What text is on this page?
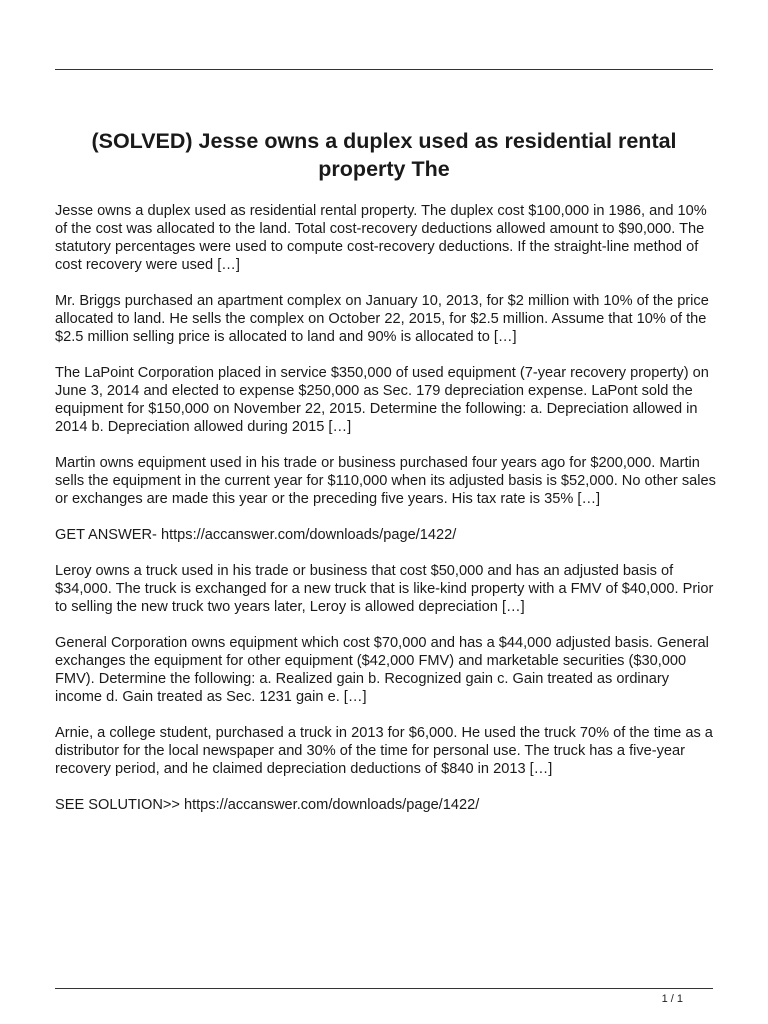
(SOLVED) Jesse owns a duplex used as residential rental property The

Jesse owns a duplex used as residential rental property. The duplex cost $100,000 in 1986, and 10% of the cost was allocated to the land. Total cost-recovery deductions allowed amount to $90,000. The statutory percentages were used to compute cost-recovery deductions. If the straight-line method of cost recovery were used […]

Mr. Briggs purchased an apartment complex on January 10, 2013, for $2 million with 10% of the price allocated to land. He sells the complex on October 22, 2015, for $2.5 million. Assume that 10% of the $2.5 million selling price is allocated to land and 90% is allocated to […]

The LaPoint Corporation placed in service $350,000 of used equipment (7-year recovery property) on June 3, 2014 and elected to expense $250,000 as Sec. 179 depreciation expense. LaPont sold the equipment for $150,000 on November 22, 2015. Determine the following: a. Depreciation allowed in 2014 b. Depreciation allowed during 2015 […]

Martin owns equipment used in his trade or business purchased four years ago for $200,000. Martin sells the equipment in the current year for $110,000 when its adjusted basis is $52,000. No other sales or exchanges are made this year or the preceding five years. His tax rate is 35% […]

GET ANSWER- https://accanswer.com/downloads/page/1422/

Leroy owns a truck used in his trade or business that cost $50,000 and has an adjusted basis of $34,000. The truck is exchanged for a new truck that is like-kind property with a FMV of $40,000. Prior to selling the new truck two years later, Leroy is allowed depreciation […]

General Corporation owns equipment which cost $70,000 and has a $44,000 adjusted basis. General exchanges the equipment for other equipment ($42,000 FMV) and marketable securities ($30,000 FMV). Determine the following: a. Realized gain b. Recognized gain c. Gain treated as ordinary income d. Gain treated as Sec. 1231 gain e. […]

Arnie, a college student, purchased a truck in 2013 for $6,000. He used the truck 70% of the time as a distributor for the local newspaper and 30% of the time for personal use. The truck has a five-year recovery period, and he claimed depreciation deductions of $840 in 2013 […]

SEE SOLUTION>> https://accanswer.com/downloads/page/1422/

1 / 1
